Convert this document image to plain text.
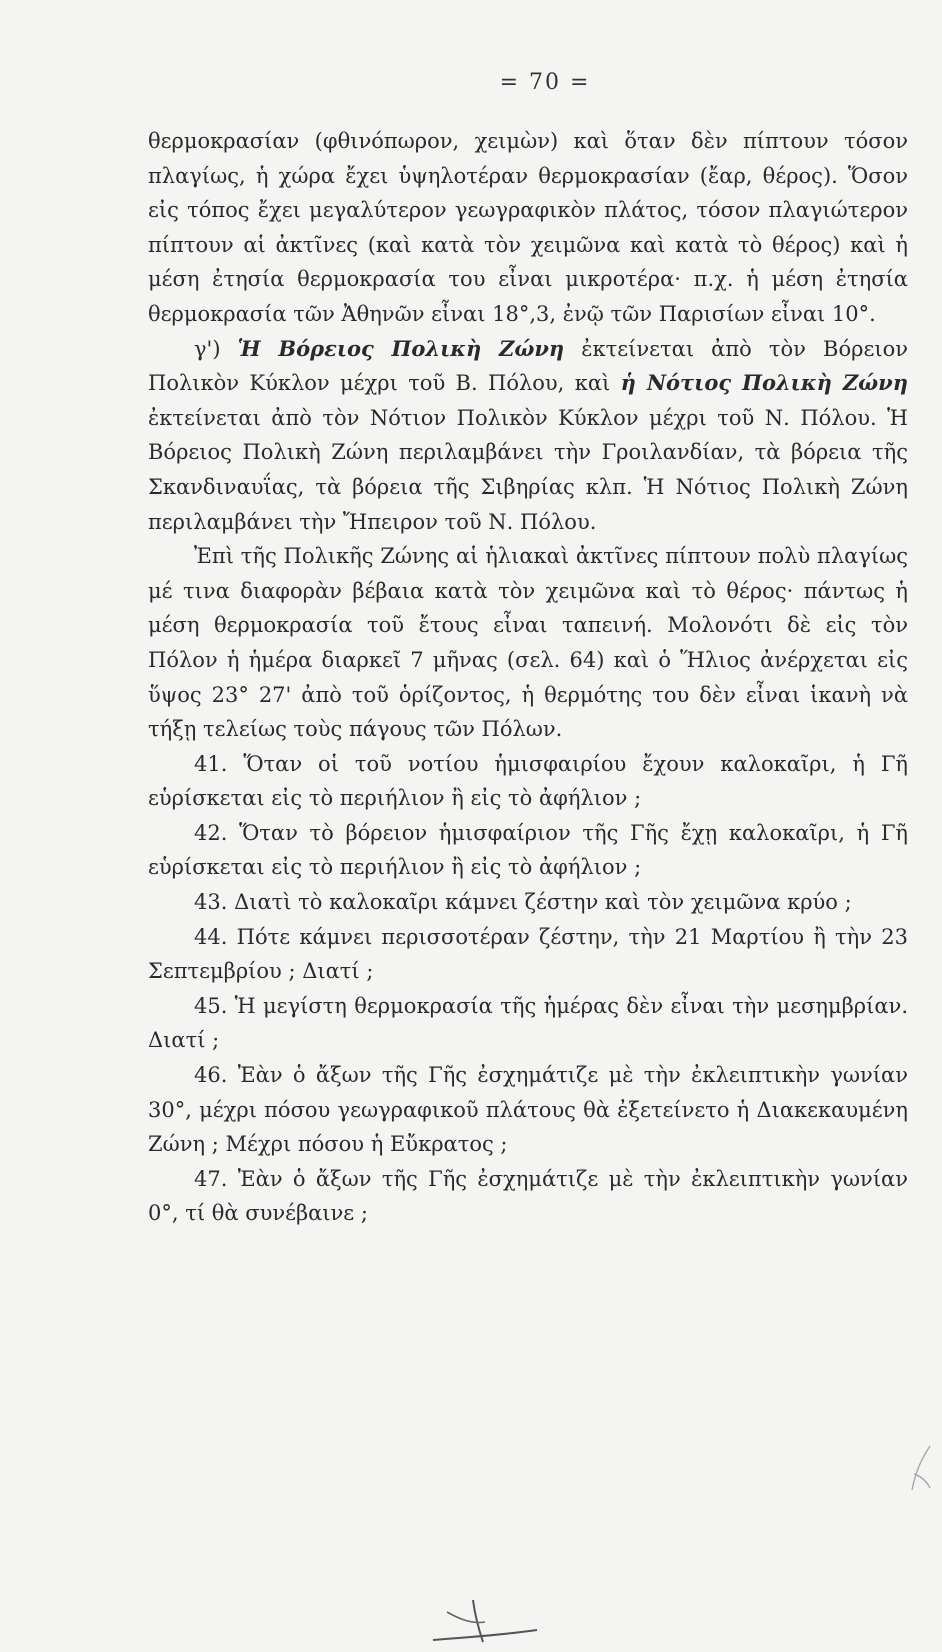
= 70 =

θερμοκρασίαν (φθινόπωρον, χειμὼν) καὶ ὅταν δὲν πίπτουν τόσον πλαγίως, ἡ χώρα ἔχει ὑψηλοτέραν θερμοκρασίαν (ἔαρ, θέρος). Ὅσον εἰς τόπος ἔχει μεγαλύτερον γεωγραφικὸν πλάτος, τόσον πλαγιώτερον πίπτουν αἱ ἀκτῖνες (καὶ κατὰ τὸν χειμῶνα καὶ κατὰ τὸ θέρος) καὶ ἡ μέση ἐτησία θερμοκρασία του εἶναι μικροτέρα· π.χ. ἡ μέση ἐτησία θερμοκρασία τῶν Ἀθηνῶν εἶναι 18°,3, ἐνῷ τῶν Παρισίων εἶναι 10°.

γ') Ἡ Βόρειος Πολικὴ Ζώνη ἐκτείνεται ἀπὸ τὸν Βόρειον Πολικὸν Κύκλον μέχρι τοῦ Β. Πόλου, καὶ ἡ Νότιος Πολικὴ Ζώνη ἐκτείνεται ἀπὸ τὸν Νότιον Πολικὸν Κύκλον μέχρι τοῦ Ν. Πόλου. Ἡ Βόρειος Πολικὴ Ζώνη περιλαμβάνει τὴν Γροιλανδίαν, τὰ βόρεια τῆς Σκανδιναυΐας, τὰ βόρεια τῆς Σιβηρίας κλπ. Ἡ Νότιος Πολικὴ Ζώνη περιλαμβάνει τὴν Ἤπειρον τοῦ Ν. Πόλου.

Ἐπὶ τῆς Πολικῆς Ζώνης αἱ ἡλιακαὶ ἀκτῖνες πίπτουν πολὺ πλαγίως μέ τινα διαφορὰν βέβαια κατὰ τὸν χειμῶνα καὶ τὸ θέρος· πάντως ἡ μέση θερμοκρασία τοῦ ἔτους εἶναι ταπεινή. Μολονότι δὲ εἰς τὸν Πόλον ἡ ἡμέρα διαρκεῖ 7 μῆνας (σελ. 64) καὶ ὁ Ἥλιος ἀνέρχεται εἰς ὕψος 23° 27' ἀπὸ τοῦ ὁρίζοντος, ἡ θερμότης του δὲν εἶναι ἱκανὴ νὰ τήξῃ τελείως τοὺς πάγους τῶν Πόλων.

41. Ὅταν οἱ τοῦ νοτίου ἡμισφαιρίου ἔχουν καλοκαῖρι, ἡ Γῆ εὑρίσκεται εἰς τὸ περιήλιον ἢ εἰς τὸ ἀφήλιον ;

42. Ὅταν τὸ βόρειον ἡμισφαίριον τῆς Γῆς ἔχῃ καλοκαῖρι, ἡ Γῆ εὑρίσκεται εἰς τὸ περιήλιον ἢ εἰς τὸ ἀφήλιον ;

43. Διατὶ τὸ καλοκαῖρι κάμνει ζέστην καὶ τὸν χειμῶνα κρύο ;

44. Πότε κάμνει περισσοτέραν ζέστην, τὴν 21 Μαρτίου ἢ τὴν 23 Σεπτεμβρίου ; Διατί ;

45. Ἡ μεγίστη θερμοκρασία τῆς ἡμέρας δὲν εἶναι τὴν μεσημβρίαν. Διατί ;

46. Ἐὰν ὁ ἄξων τῆς Γῆς ἐσχημάτιζε μὲ τὴν ἐκλειπτικὴν γωνίαν 30°, μέχρι πόσου γεωγραφικοῦ πλάτους θὰ ἐξετείνετο ἡ Διακεκαυμένη Ζώνη ; Μέχρι πόσου ἡ Εὔκρατος ;

47. Ἐὰν ὁ ἄξων τῆς Γῆς ἐσχημάτιζε μὲ τὴν ἐκλειπτικὴν γωνίαν 0°, τί θὰ συνέβαινε ;
